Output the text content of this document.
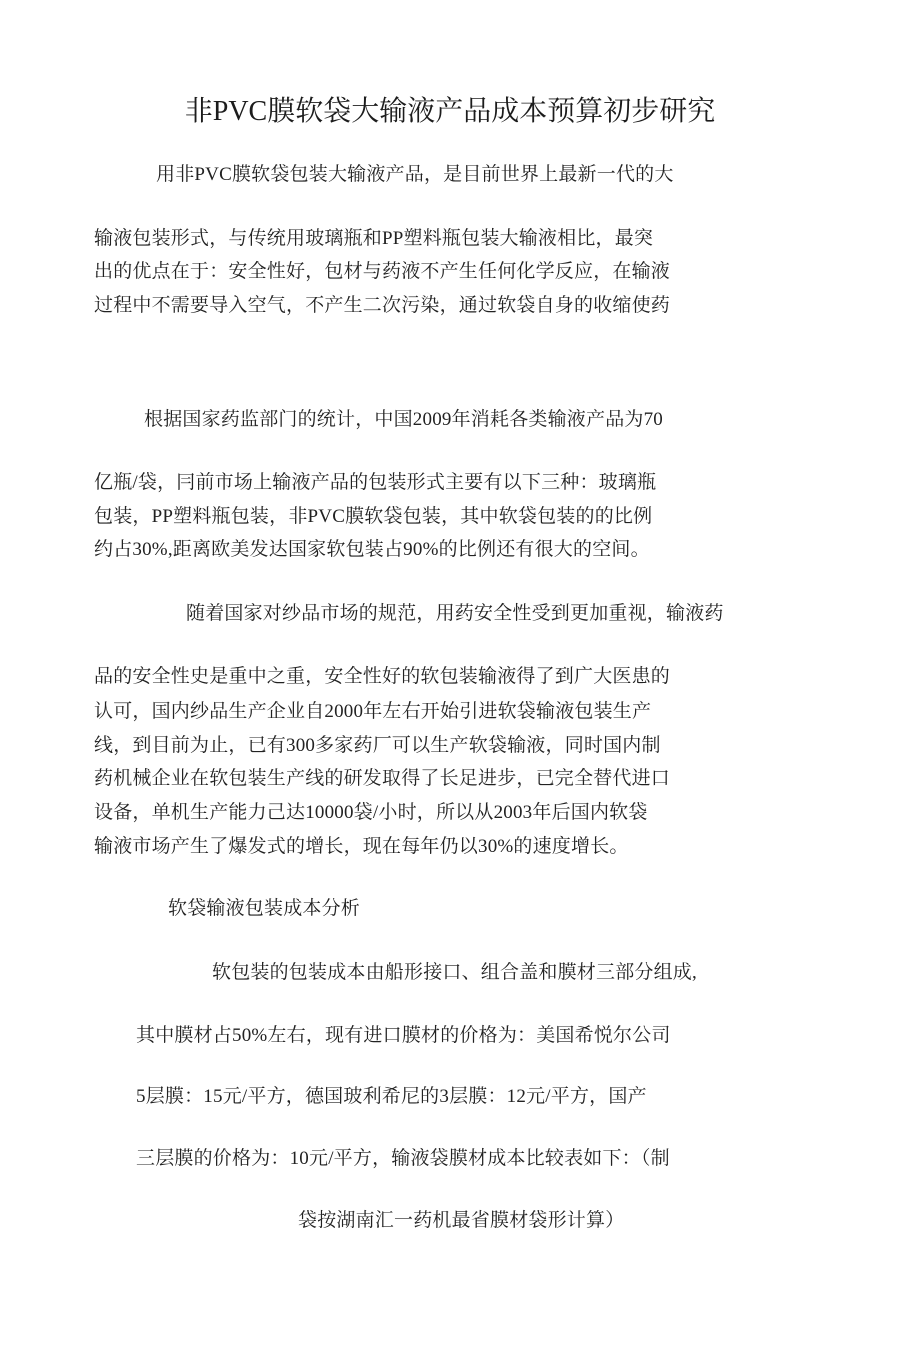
非PVC膜软袋大输液产品成本预算初步研究
用非PVC膜软袋包装大输液产品，是目前世界上最新一代的大
输液包装形式，与传统用玻璃瓶和PP塑料瓶包装大输液相比，最突
出的优点在于：安全性好，包材与药液不产生任何化学反应，在输液
过程中不需要导入空气，不产生二次污染，通过软袋自身的收缩使药
根据国家药监部门的统计，中国2009年消耗各类输液产品为70
亿瓶/袋，冃前市场上输液产品的包装形式主要有以下三种：玻璃瓶
包装，PP塑料瓶包装，非PVC膜软袋包装，其中软袋包装的的比例
约占30%,距离欧美发达国家软包装占90%的比例还有很大的空间。
随着国家对纱品市场的规范，用药安全性受到更加重视，输液药
品的安全性史是重中之重，安全性好的软包装输液得了到广大医患的
认可，国内纱品生产企业自2000年左右开始引进软袋输液包装生产
线，到目前为止，已有300多家药厂可以生产软袋输液，同时国内制
药机械企业在软包装生产线的研发取得了长足进步，已完全替代进口
设备，单机生产能力己达10000袋/小时，所以从2003年后国内软袋
输液市场产生了爆发式的增长，现在每年仍以30%的速度增长。
软袋输液包装成本分析
软包装的包装成本由船形接口、组合盖和膜材三部分组成,
其中膜材占50%左右，现有进口膜材的价格为：美国希悦尔公司
5层膜：15元/平方，德国玻利希尼的3层膜：12元/平方，国产
三层膜的价格为：10元/平方，输液袋膜材成本比较表如下：（制
袋按湖南汇一药机最省膜材袋形计算）
